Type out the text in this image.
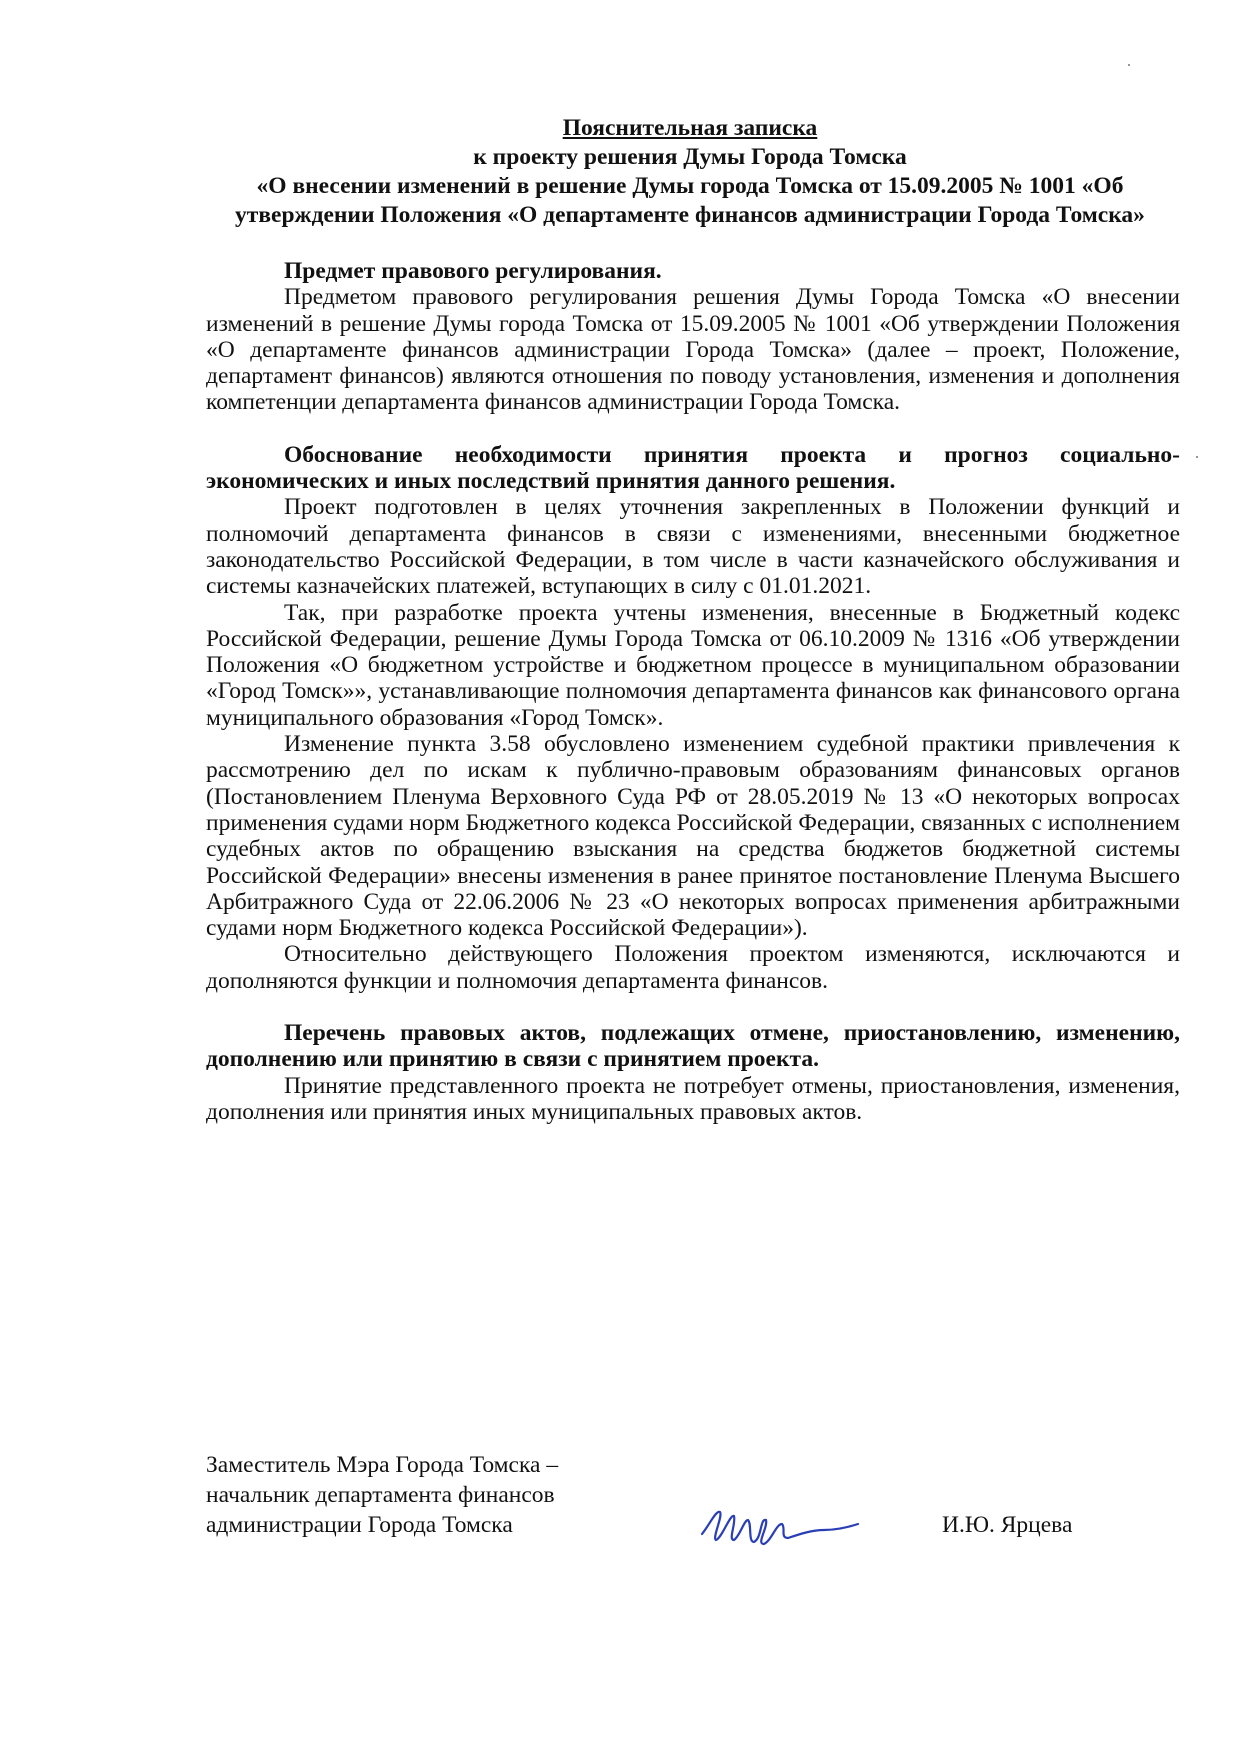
Пояснительная записка
к проекту решения Думы Города Томска
«О внесении изменений в решение Думы города Томска от 15.09.2005 № 1001 «Об
утверждении Положения «О департаменте финансов администрации Города Томска»

Предмет правового регулирования.

Предметом правового регулирования решения Думы Города Томска «О внесении изменений в решение Думы города Томска от 15.09.2005 № 1001 «Об утверждении Положения «О департаменте финансов администрации Города Томска» (далее – проект, Положение, департамент финансов) являются отношения по поводу установления, изменения и дополнения компетенции департамента финансов администрации Города Томска.

Обоснование необходимости принятия проекта и прогноз социально-экономических и иных последствий принятия данного решения.

Проект подготовлен в целях уточнения закрепленных в Положении функций и полномочий департамента финансов в связи с изменениями, внесенными бюджетное законодательство Российской Федерации, в том числе в части казначейского обслуживания и системы казначейских платежей, вступающих в силу с 01.01.2021.

Так, при разработке проекта учтены изменения, внесенные в Бюджетный кодекс Российской Федерации, решение Думы Города Томска от 06.10.2009 № 1316 «Об утверждении Положения «О бюджетном устройстве и бюджетном процессе в муниципальном образовании «Город Томск»», устанавливающие полномочия департамента финансов как финансового органа муниципального образования «Город Томск».

Изменение пункта 3.58 обусловлено изменением судебной практики привлечения к рассмотрению дел по искам к публично-правовым образованиям финансовых органов (Постановлением Пленума Верховного Суда РФ от 28.05.2019 № 13 «О некоторых вопросах применения судами норм Бюджетного кодекса Российской Федерации, связанных с исполнением судебных актов по обращению взыскания на средства бюджетов бюджетной системы Российской Федерации» внесены изменения в ранее принятое постановление Пленума Высшего Арбитражного Суда от 22.06.2006 № 23 «О некоторых вопросах применения арбитражными судами норм Бюджетного кодекса Российской Федерации»).

Относительно действующего Положения проектом изменяются, исключаются и дополняются функции и полномочия департамента финансов.

Перечень правовых актов, подлежащих отмене, приостановлению, изменению, дополнению или принятию в связи с принятием проекта.

Принятие представленного проекта не потребует отмены, приостановления, изменения, дополнения или принятия иных муниципальных правовых актов.

Заместитель Мэра Города Томска –
начальник департамента финансов
администрации Города Томска	И.Ю. Ярцева
